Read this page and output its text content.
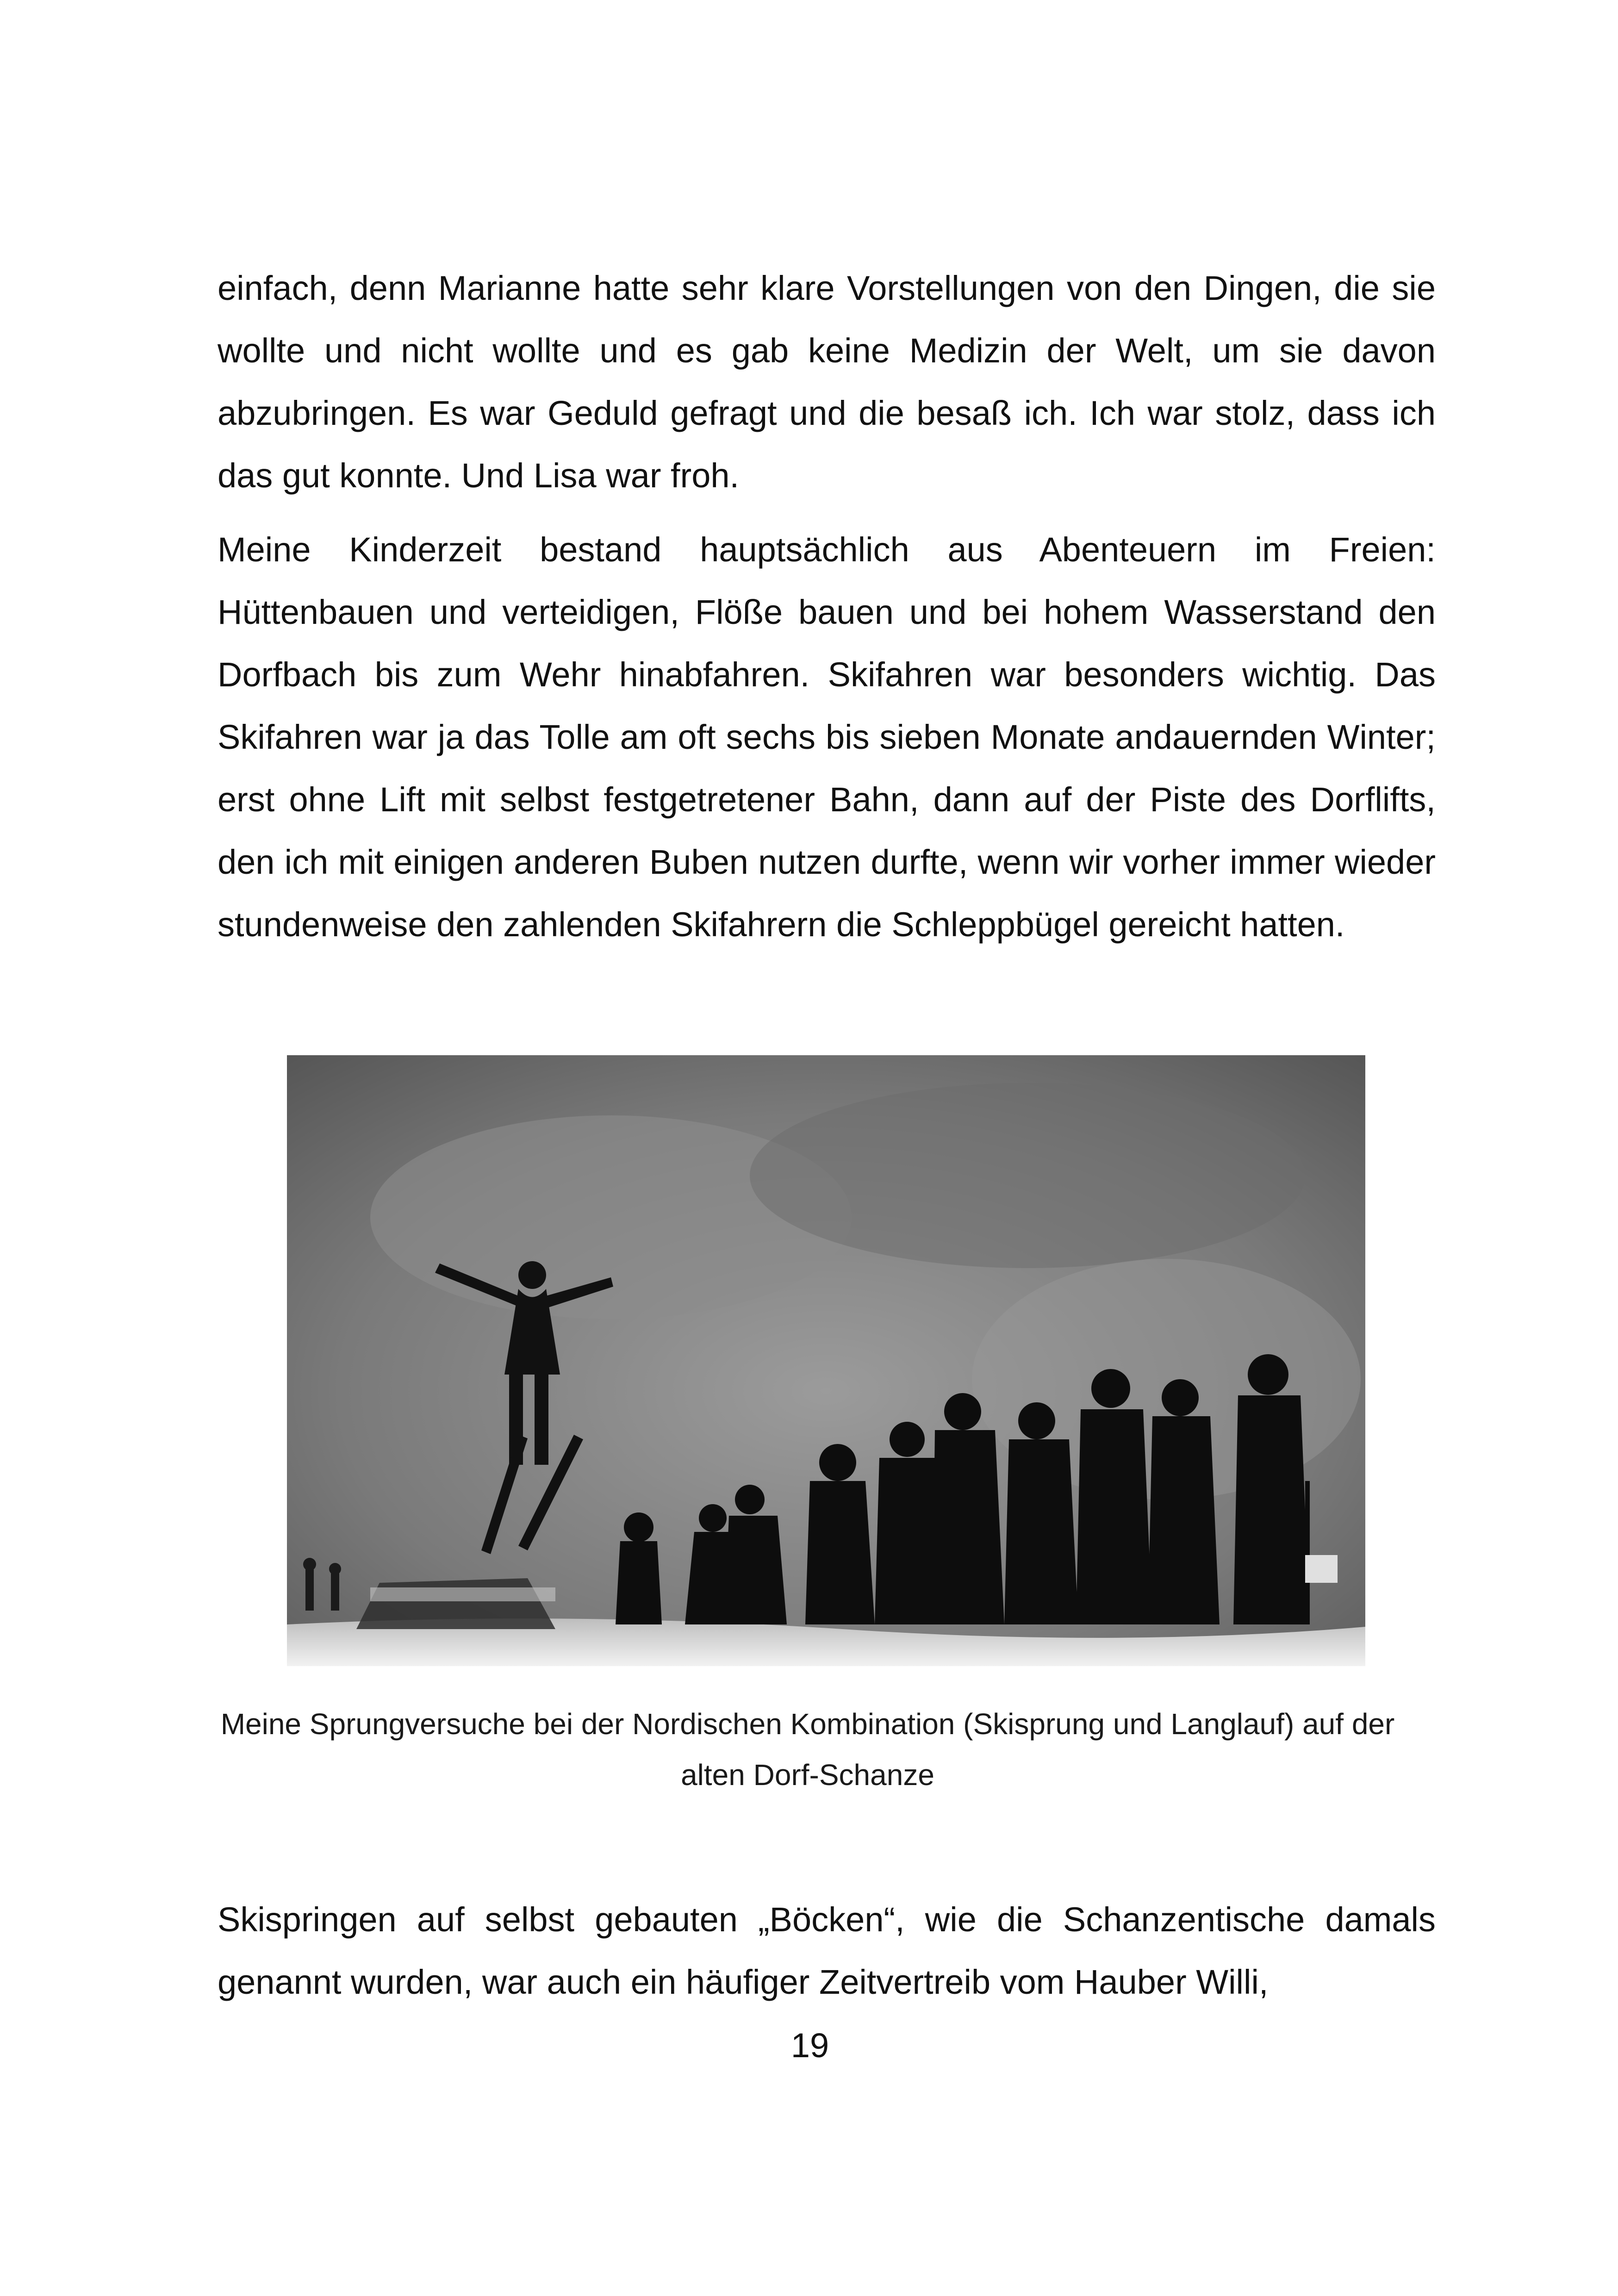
einfach, denn Marianne hatte sehr klare Vorstellungen von den Dingen, die sie wollte und nicht wollte und es gab keine Medizin der Welt, um sie davon abzubringen. Es war Geduld gefragt und die besaß ich. Ich war stolz, dass ich das gut konnte. Und Lisa war froh.

Meine Kinderzeit bestand hauptsächlich aus Abenteuern im Freien: Hüttenbauen und verteidigen, Flöße bauen und bei hohem Wasserstand den Dorfbach bis zum Wehr hinabfahren. Skifahren war besonders wichtig. Das Skifahren war ja das Tolle am oft sechs bis sieben Monate andauernden Winter; erst ohne Lift mit selbst festgetretener Bahn, dann auf der Piste des Dorflifts, den ich mit einigen anderen Buben nutzen durfte, wenn wir vorher immer wieder stundenweise den zahlenden Skifahrern die Schleppbügel gereicht hatten.

Meine Sprungversuche bei der Nordischen Kombination (Skisprung und Langlauf) auf der alten Dorf-Schanze

Skispringen auf selbst gebauten „Böcken“, wie die Schanzentische damals genannt wurden, war auch ein häufiger Zeitvertreib vom Hauber Willi,

19
